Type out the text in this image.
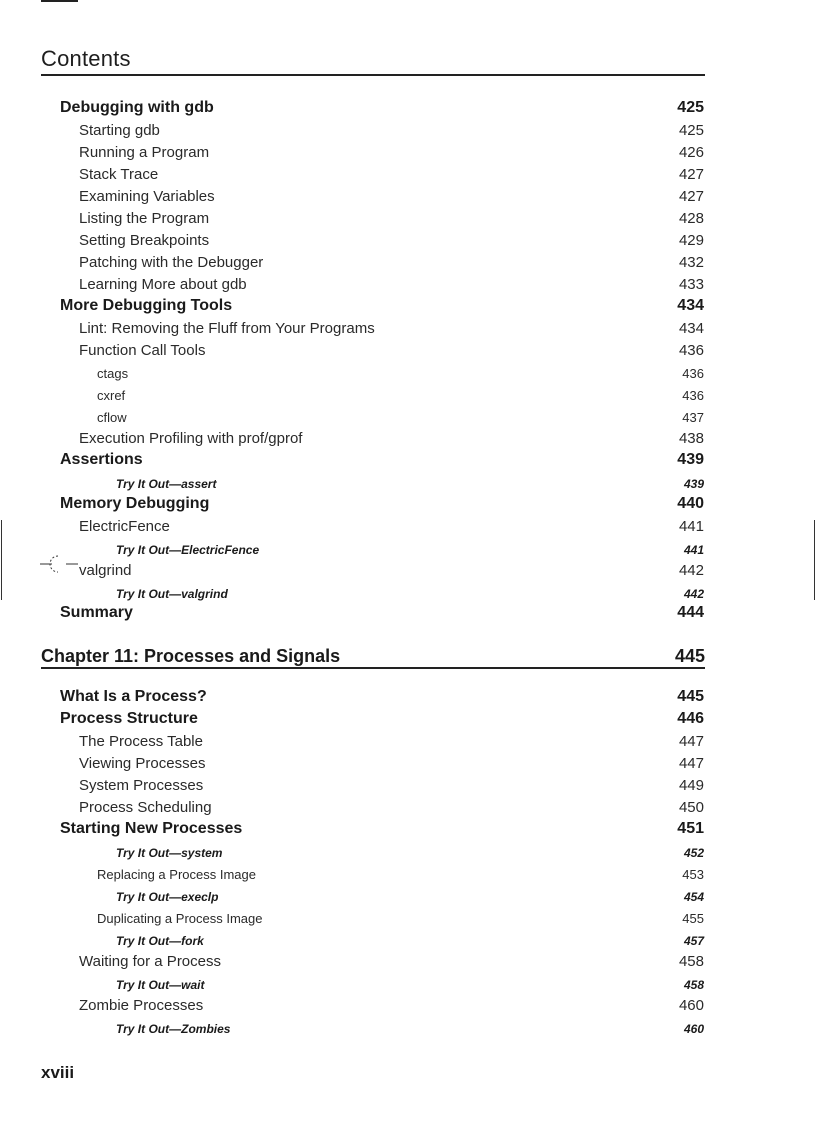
Contents
Debugging with gdb	425
Starting gdb	425
Running a Program	426
Stack Trace	427
Examining Variables	427
Listing the Program	428
Setting Breakpoints	429
Patching with the Debugger	432
Learning More about gdb	433
More Debugging Tools	434
Lint: Removing the Fluff from Your Programs	434
Function Call Tools	436
ctags	436
cxref	436
cflow	437
Execution Profiling with prof/gprof	438
Assertions	439
Try It Out—assert	439
Memory Debugging	440
ElectricFence	441
Try It Out—ElectricFence	441
valgrind	442
Try It Out—valgrind	442
Summary	444
Chapter 11: Processes and Signals	445
What Is a Process?	445
Process Structure	446
The Process Table	447
Viewing Processes	447
System Processes	449
Process Scheduling	450
Starting New Processes	451
Try It Out—system	452
Replacing a Process Image	453
Try It Out—execlp	454
Duplicating a Process Image	455
Try It Out—fork	457
Waiting for a Process	458
Try It Out—wait	458
Zombie Processes	460
Try It Out—Zombies	460
xviii
